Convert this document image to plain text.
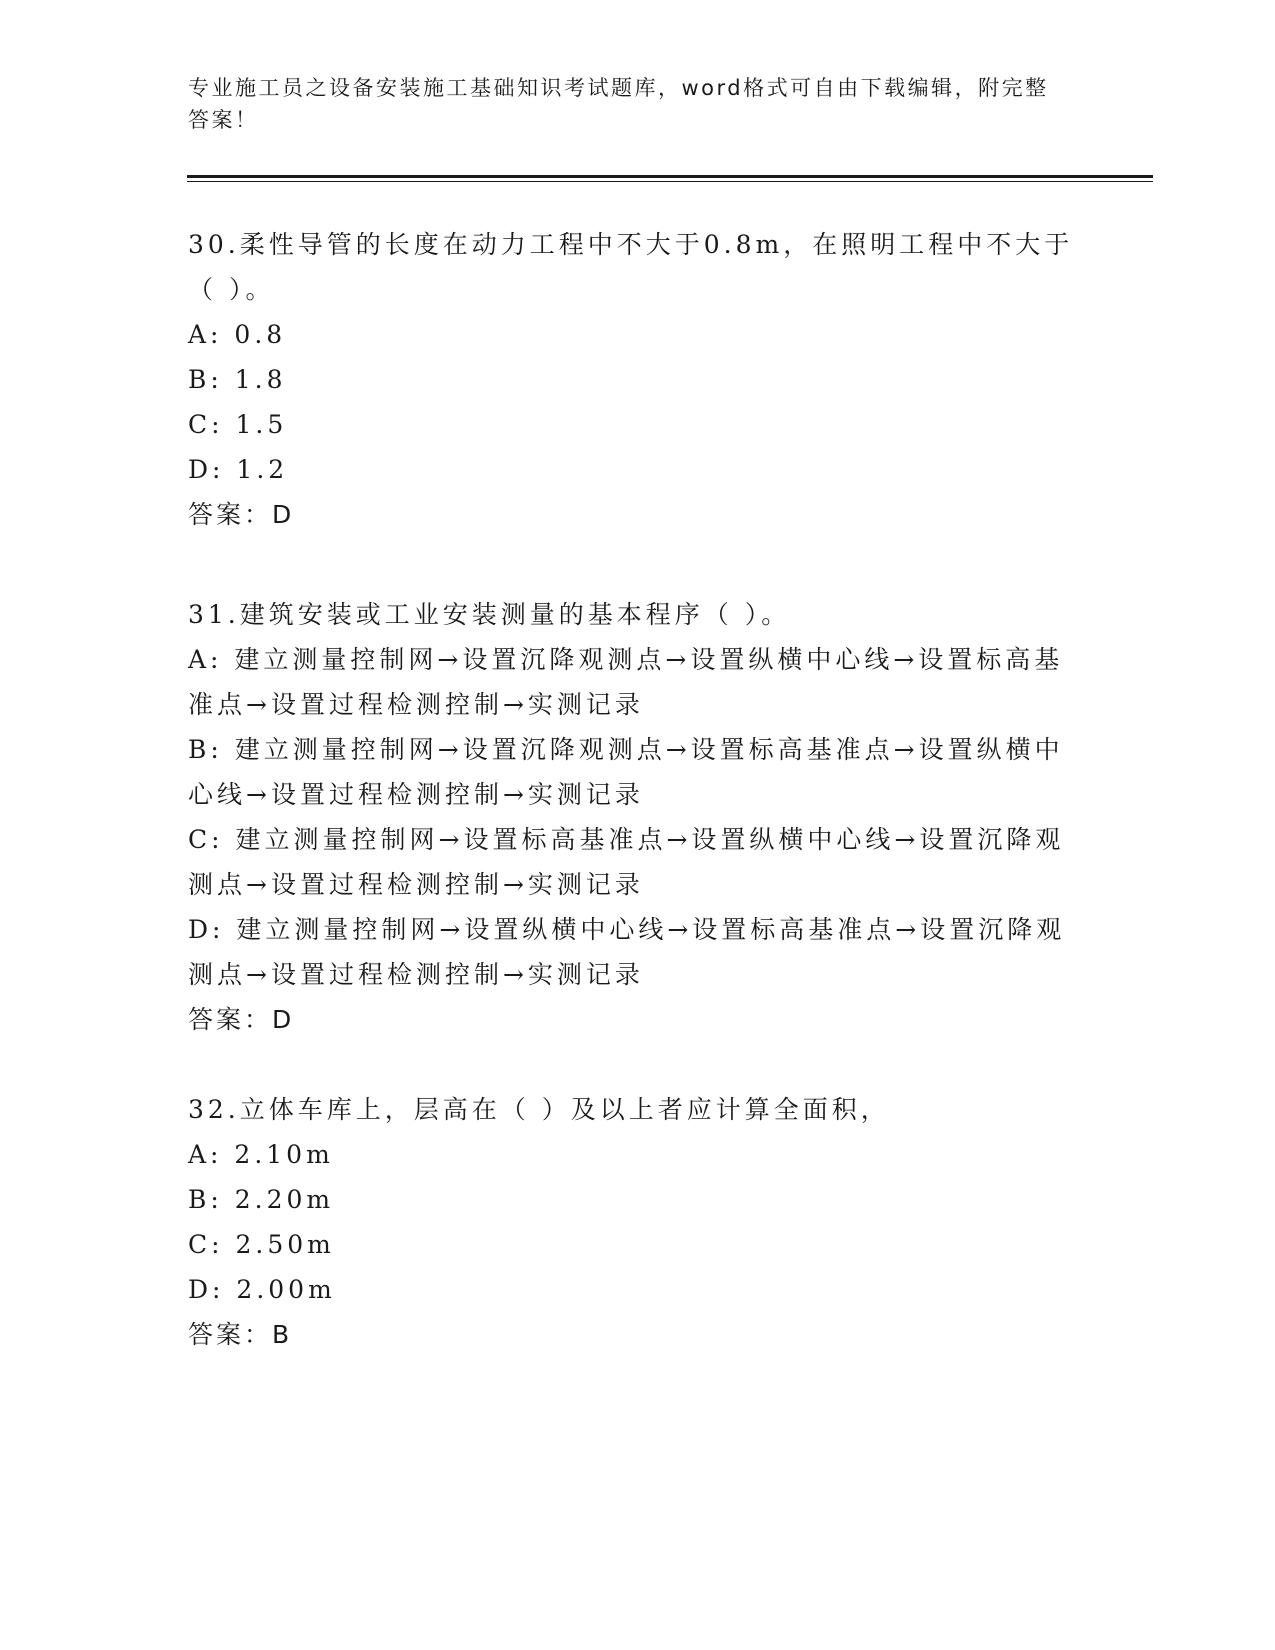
专业施工员之设备安装施工基础知识考试题库，word格式可自由下载编辑，附完整答案！

30.柔性导管的长度在动力工程中不大于0.8m，在照明工程中不大于（ ）。

A: 0.8

B: 1.8

C: 1.5

D: 1.2

答案：D

31.建筑安装或工业安装测量的基本程序（ ）。

A: 建立测量控制网→设置沉降观测点→设置纵横中心线→设置标高基准点→设置过程检测控制→实测记录

B: 建立测量控制网→设置沉降观测点→设置标高基准点→设置纵横中心线→设置过程检测控制→实测记录

C: 建立测量控制网→设置标高基准点→设置纵横中心线→设置沉降观测点→设置过程检测控制→实测记录

D: 建立测量控制网→设置纵横中心线→设置标高基准点→设置沉降观测点→设置过程检测控制→实测记录

答案：D

32.立体车库上，层高在（ ）及以上者应计算全面积，

A: 2.10m

B: 2.20m

C: 2.50m

D: 2.00m

答案：B
